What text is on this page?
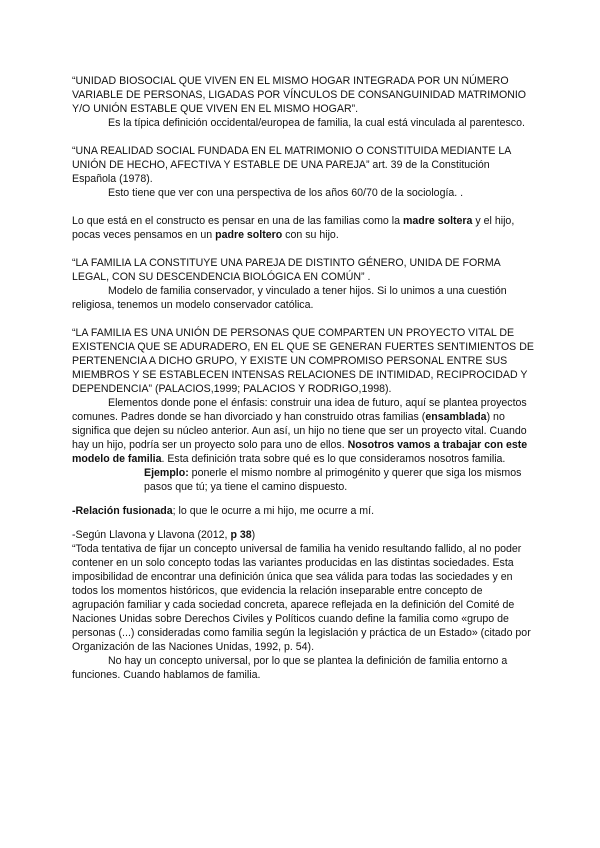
“UNIDAD BIOSOCIAL QUE VIVEN EN EL MISMO HOGAR INTEGRADA POR UN NÚMERO VARIABLE DE PERSONAS, LIGADAS POR VÍNCULOS DE CONSANGUINIDAD MATRIMONIO Y/O UNIÓN ESTABLE QUE VIVEN EN EL MISMO HOGAR”.

Es la típica definición occidental/europea de familia, la cual está vinculada al parentesco.

“UNA REALIDAD SOCIAL FUNDADA EN EL MATRIMONIO O CONSTITUIDA MEDIANTE LA UNIÓN DE HECHO, AFECTIVA Y ESTABLE DE UNA PAREJA” art. 39 de la Constitución Española (1978).

Esto tiene que ver con una perspectiva de los años 60/70 de la sociología. .

Lo que está en el constructo es pensar en una de las familias como la madre soltera y el hijo, pocas veces pensamos en un padre soltero con su hijo.

“LA FAMILIA LA CONSTITUYE UNA PAREJA DE DISTINTO GÉNERO, UNIDA DE FORMA LEGAL, CON SU DESCENDENCIA BIOLÓGICA EN COMÚN” .

Modelo de familia conservador, y vinculado a tener hijos. Si lo unimos a una cuestión religiosa, tenemos un modelo conservador católica.

“LA FAMILIA ES UNA UNIÓN DE PERSONAS QUE COMPARTEN UN PROYECTO VITAL DE EXISTENCIA QUE SE ADURADERO, EN EL QUE SE GENERAN FUERTES SENTIMIENTOS DE PERTENENCIA A DICHO GRUPO, Y EXISTE UN COMPROMISO PERSONAL ENTRE SUS MIEMBROS Y SE ESTABLECEN INTENSAS RELACIONES DE INTIMIDAD, RECIPROCIDAD Y DEPENDENCIA” (PALACIOS,1999; PALACIOS Y RODRIGO,1998).

Elementos donde pone el énfasis: construir una idea de futuro, aquí se plantea proyectos comunes. Padres donde se han divorciado y han construido otras familias (ensamblada) no significa que dejen su núcleo anterior. Aun así, un hijo no tiene que ser un proyecto vital. Cuando hay un hijo, podría ser un proyecto solo para uno de ellos. Nosotros vamos a trabajar con este modelo de familia. Esta definición trata sobre qué es lo que consideramos nosotros familia.

Ejemplo: ponerle el mismo nombre al primogénito y querer que siga los mismos pasos que tú; ya tiene el camino dispuesto.

-Relación fusionada; lo que le ocurre a mi hijo, me ocurre a mí.

-Según Llavona y Llavona (2012, p 38)

“Toda tentativa de fijar un concepto universal de familia ha venido resultando fallido, al no poder contener en un solo concepto todas las variantes producidas en las distintas sociedades. Esta imposibilidad de encontrar una definición única que sea válida para todas las sociedades y en todos los momentos históricos, que evidencia la relación inseparable entre concepto de agrupación familiar y cada sociedad concreta, aparece reflejada en la definición del Comité de Naciones Unidas sobre Derechos Civiles y Políticos cuando define la familia como «grupo de personas (...) consideradas como familia según la legislación y práctica de un Estado» (citado por Organización de las Naciones Unidas, 1992, p. 54).

No hay un concepto universal, por lo que se plantea la definición de familia entorno a funciones. Cuando hablamos de familia.
